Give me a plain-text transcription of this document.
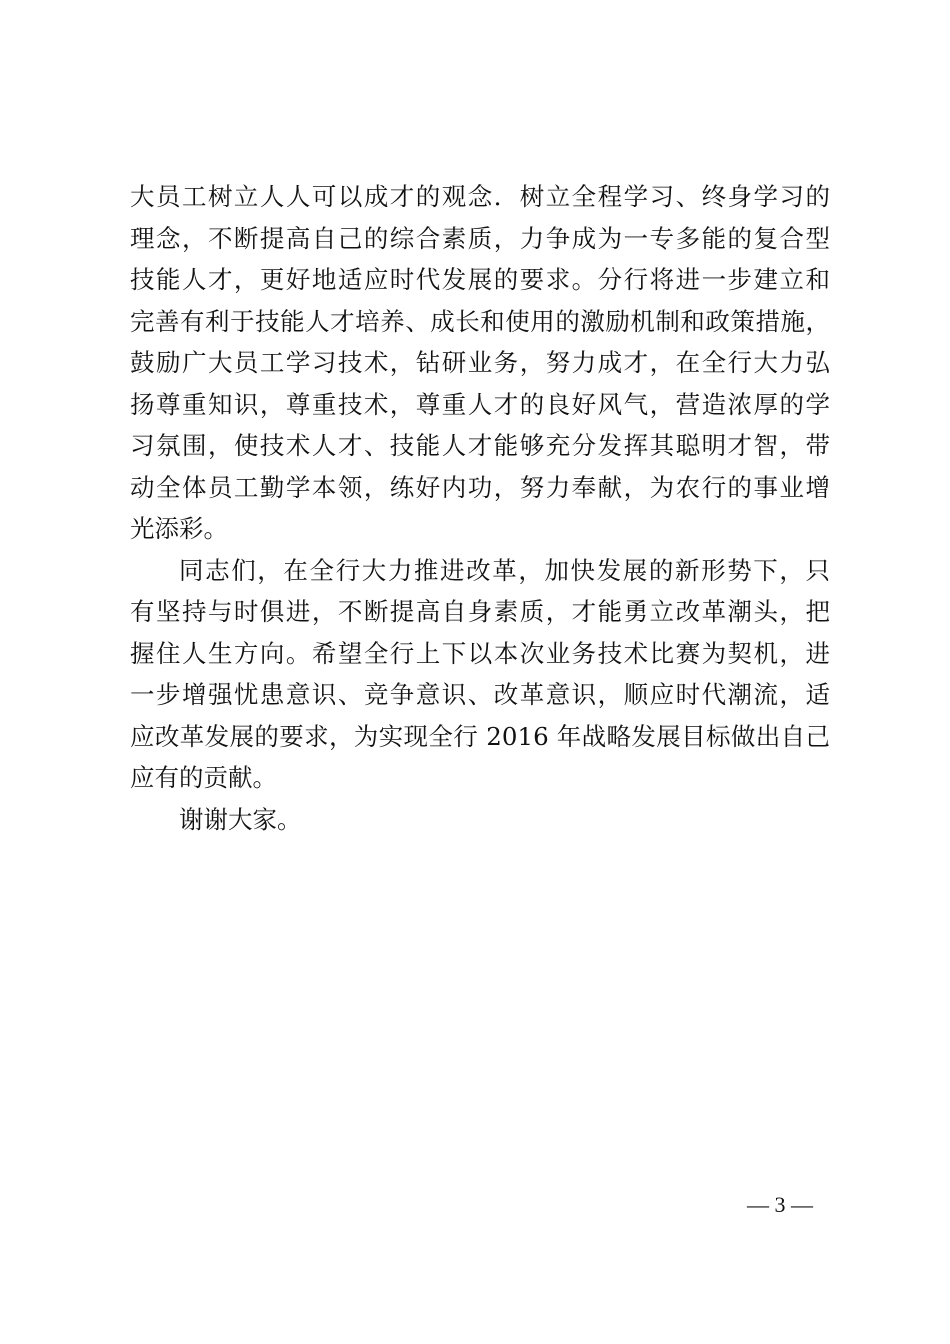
大员工树立人人可以成才的观念．树立全程学习、终身学习的
理念，不断提高自己的综合素质，力争成为一专多能的复合型
技能人才，更好地适应时代发展的要求。分行将进一步建立和
完善有利于技能人才培养、成长和使用的激励机制和政策措施，
鼓励广大员工学习技术，钻研业务，努力成才，在全行大力弘
扬尊重知识，尊重技术，尊重人才的良好风气，营造浓厚的学
习氛围，使技术人才、技能人才能够充分发挥其聪明才智，带
动全体员工勤学本领，练好内功，努力奉献，为农行的事业增
光添彩。
同志们，在全行大力推进改革，加快发展的新形势下，只
有坚持与时俱进，不断提高自身素质，才能勇立改革潮头，把
握住人生方向。希望全行上下以本次业务技术比赛为契机，进
一步增强忧患意识、竞争意识、改革意识，顺应时代潮流，适
应改革发展的要求，为实现全行 2016 年战略发展目标做出自己
应有的贡献。
谢谢大家。
— 3 —
